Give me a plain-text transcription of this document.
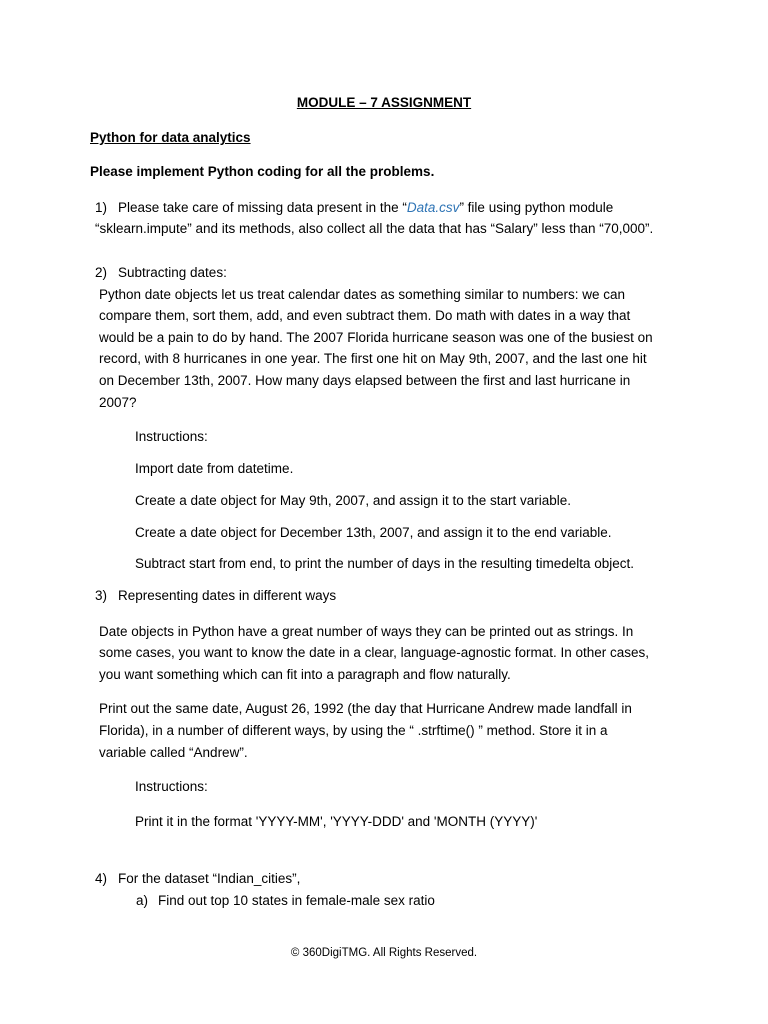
MODULE – 7 ASSIGNMENT
Python for data analytics
Please implement Python coding for all the problems.
1) Please take care of missing data present in the “Data.csv” file using python module
“sklearn.impute” and its methods, also collect all the data that has “Salary” less than “70,000”.
2) Subtracting dates:
Python date objects let us treat calendar dates as something similar to numbers: we can
compare them, sort them, add, and even subtract them. Do math with dates in a way that
would be a pain to do by hand. The 2007 Florida hurricane season was one of the busiest on
record, with 8 hurricanes in one year. The first one hit on May 9th, 2007, and the last one hit
on December 13th, 2007. How many days elapsed between the first and last hurricane in
2007?
Instructions:
Import date from datetime.
Create a date object for May 9th, 2007, and assign it to the start variable.
Create a date object for December 13th, 2007, and assign it to the end variable.
Subtract start from end, to print the number of days in the resulting timedelta object.
3) Representing dates in different ways
Date objects in Python have a great number of ways they can be printed out as strings. In
some cases, you want to know the date in a clear, language-agnostic format. In other cases,
you want something which can fit into a paragraph and flow naturally.
Print out the same date, August 26, 1992 (the day that Hurricane Andrew made landfall in
Florida), in a number of different ways, by using the “ .strftime() ” method. Store it in a
variable called “Andrew”.
Instructions:
Print it in the format 'YYYY-MM', 'YYYY-DDD' and 'MONTH (YYYY)'
4) For the dataset “Indian_cities”,
a) Find out top 10 states in female-male sex ratio
© 360DigiTMG. All Rights Reserved.
